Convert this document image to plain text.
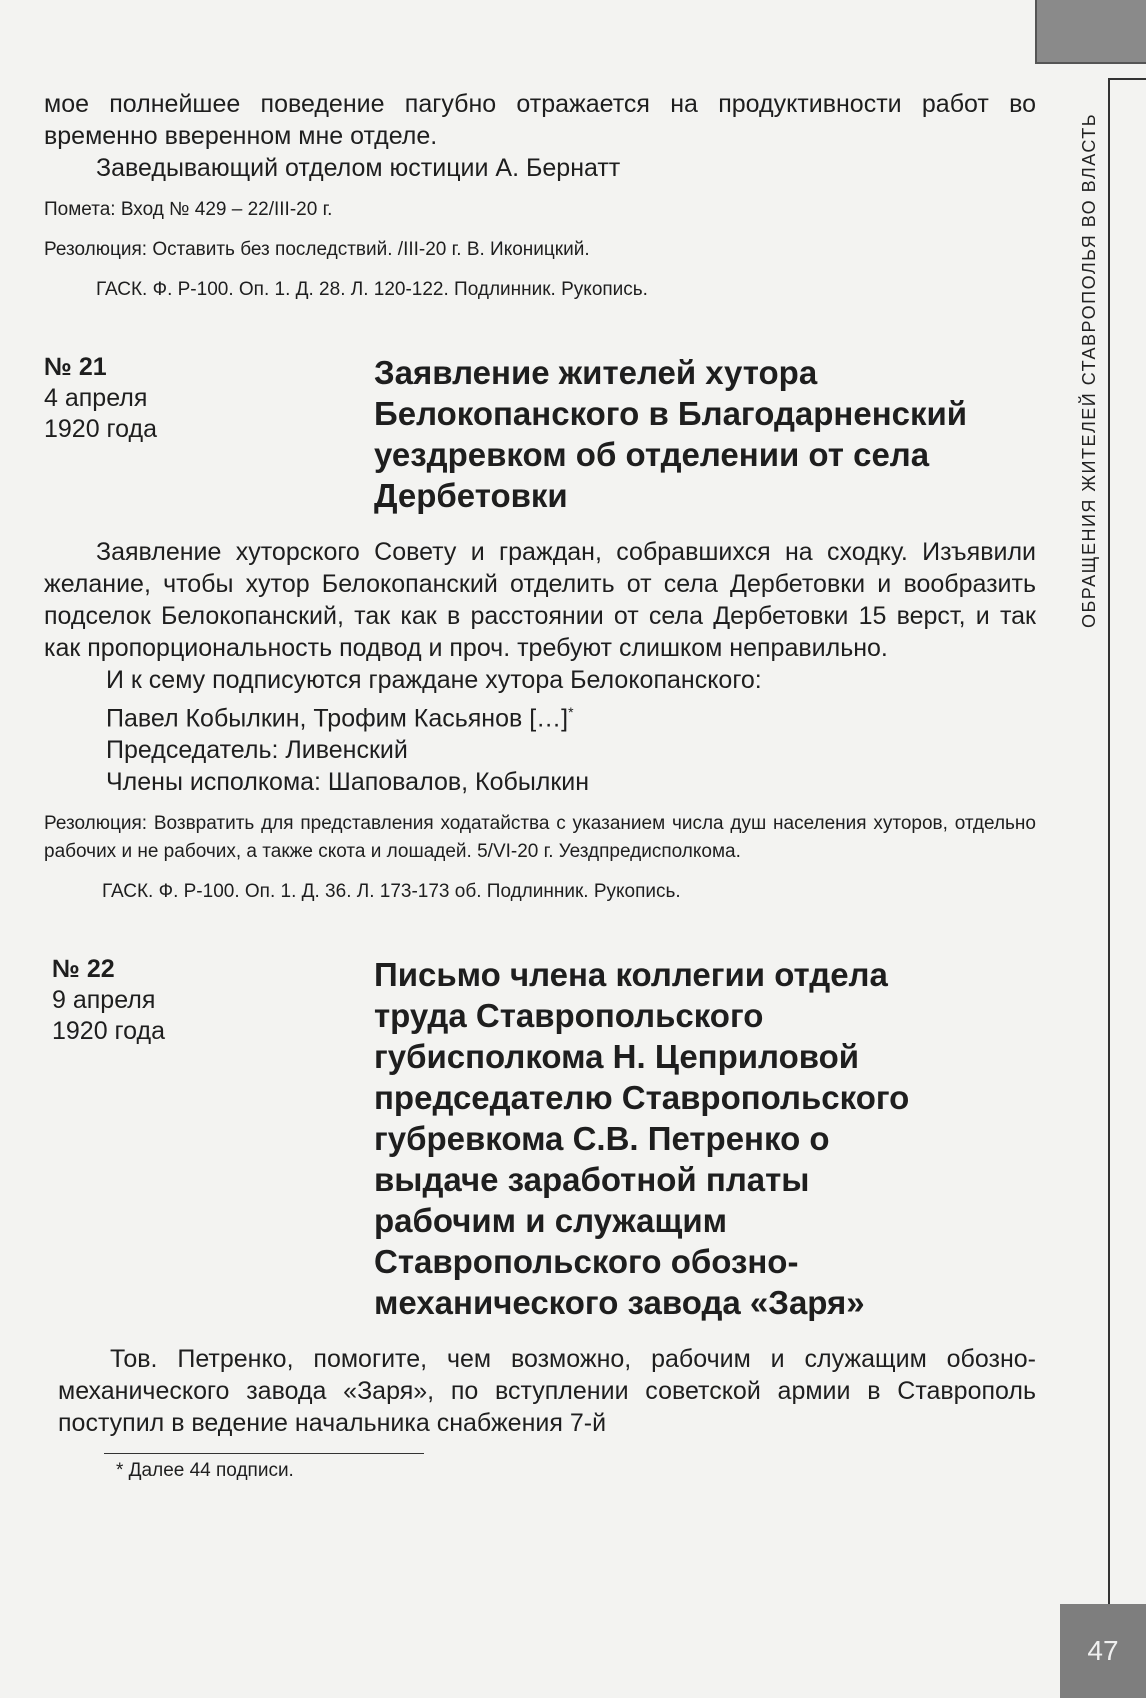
ОБРАЩЕНИЯ ЖИТЕЛЕЙ СТАВРОПОЛЬЯ ВО ВЛАСТЬ
47

мое полнейшее поведение пагубно отражается на продуктивности работ во временно вверенном мне отделе.

Заведывающий отделом юстиции А. Бернатт

Помета: Вход № 429 – 22/III-20 г.

Резолюция: Оставить без последствий. /III-20 г. В. Иконицкий.

ГАСК. Ф. Р-100. Оп. 1. Д. 28. Л. 120-122. Подлинник. Рукопись.

№ 21
4 апреля
1920 года
Заявление жителей хутора Белокопанского в Благодарненский уездревком об отделении от села Дербетовки

Заявление хуторского Совету и граждан, собравшихся на сходку. Изъявили желание, чтобы хутор Белокопанский отделить от села Дербетовки и вообразить подселок Белокопанский, так как в расстоянии от села Дербетовки 15 верст, и так как пропорциональность подвод и проч. требуют слишком неправильно.

И к сему подписуются граждане хутора Белокопанского:

Павел Кобылкин, Трофим Касьянов […]*

Председатель: Ливенский

Члены исполкома: Шаповалов, Кобылкин

Резолюция: Возвратить для представления ходатайства с указанием числа душ населения хуторов, отдельно рабочих и не рабочих, а также скота и лошадей. 5/VI-20 г. Уездпредисполкома.

ГАСК. Ф. Р-100. Оп. 1. Д. 36. Л. 173-173 об. Подлинник. Рукопись.

№ 22
9 апреля
1920 года
Письмо члена коллегии отдела труда Ставропольского губисполкома Н. Цеприловой председателю Ставропольского губревкома С.В. Петренко о выдаче заработной платы рабочим и служащим Ставропольского обозно-механического завода «Заря»

Тов. Петренко, помогите, чем возможно, рабочим и служащим обозно-механического завода «Заря», по вступлении советской армии в Ставрополь поступил в ведение начальника снабжения 7-й

* Далее 44 подписи.
